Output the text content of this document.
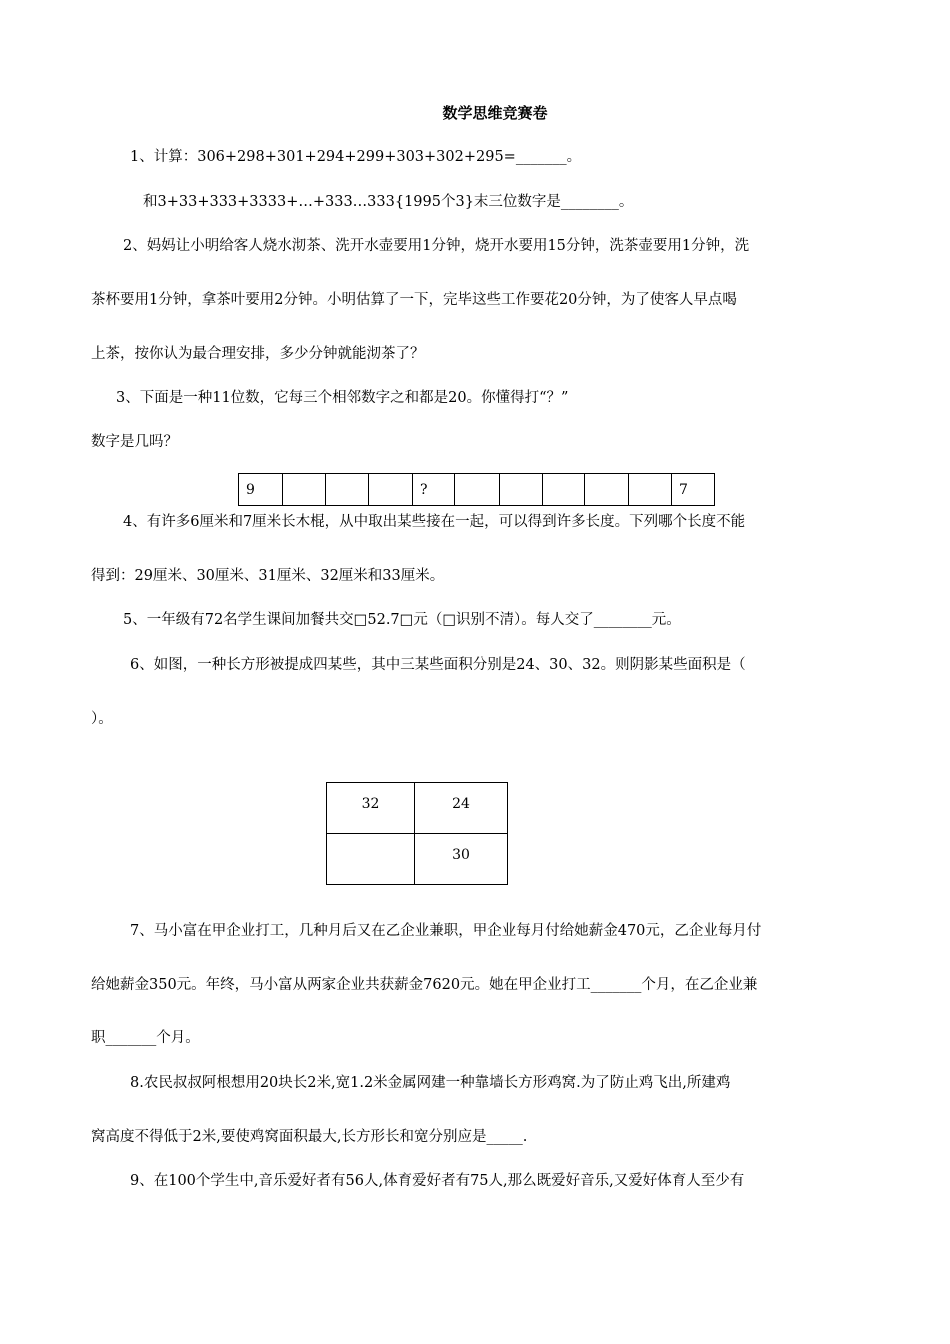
数学思维竞赛卷
1、计算：306+298+301+294+299+303+302+295=_______。
和3+33+333+3333+…+333…333{1995个3}末三位数字是________。
2、妈妈让小明给客人烧水沏茶、洗开水壶要用1分钟，烧开水要用15分钟，洗茶壶要用1分钟，洗
茶杯要用1分钟，拿茶叶要用2分钟。小明估算了一下，完毕这些工作要花20分钟，为了使客人早点喝
上茶，按你认为最合理安排，多少分钟就能沏茶了？
3、下面是一种11位数，它每三个相邻数字之和都是20。你懂得打“？”
数字是几吗？
9				?						7
4、有许多6厘米和7厘米长木棍，从中取出某些接在一起，可以得到许多长度。下列哪个长度不能
得到：29厘米、30厘米、31厘米、32厘米和33厘米。
5、一年级有72名学生课间加餐共交□52.7□元（□识别不清）。每人交了________元。
6、如图，一种长方形被提成四某些，其中三某些面积分别是24、30、32。则阴影某些面积是（
）。
32	24
	30
7、马小富在甲企业打工，几种月后又在乙企业兼职，甲企业每月付给她薪金470元，乙企业每月付
给她薪金350元。年终，马小富从两家企业共获薪金7620元。她在甲企业打工_______个月，在乙企业兼
职_______个月。
8.农民叔叔阿根想用20块长2米,宽1.2米金属网建一种靠墙长方形鸡窝.为了防止鸡飞出,所建鸡
窝高度不得低于2米,要使鸡窝面积最大,长方形长和宽分别应是_____.
9、在100个学生中,音乐爱好者有56人,体育爱好者有75人,那么既爱好音乐,又爱好体育人至少有
